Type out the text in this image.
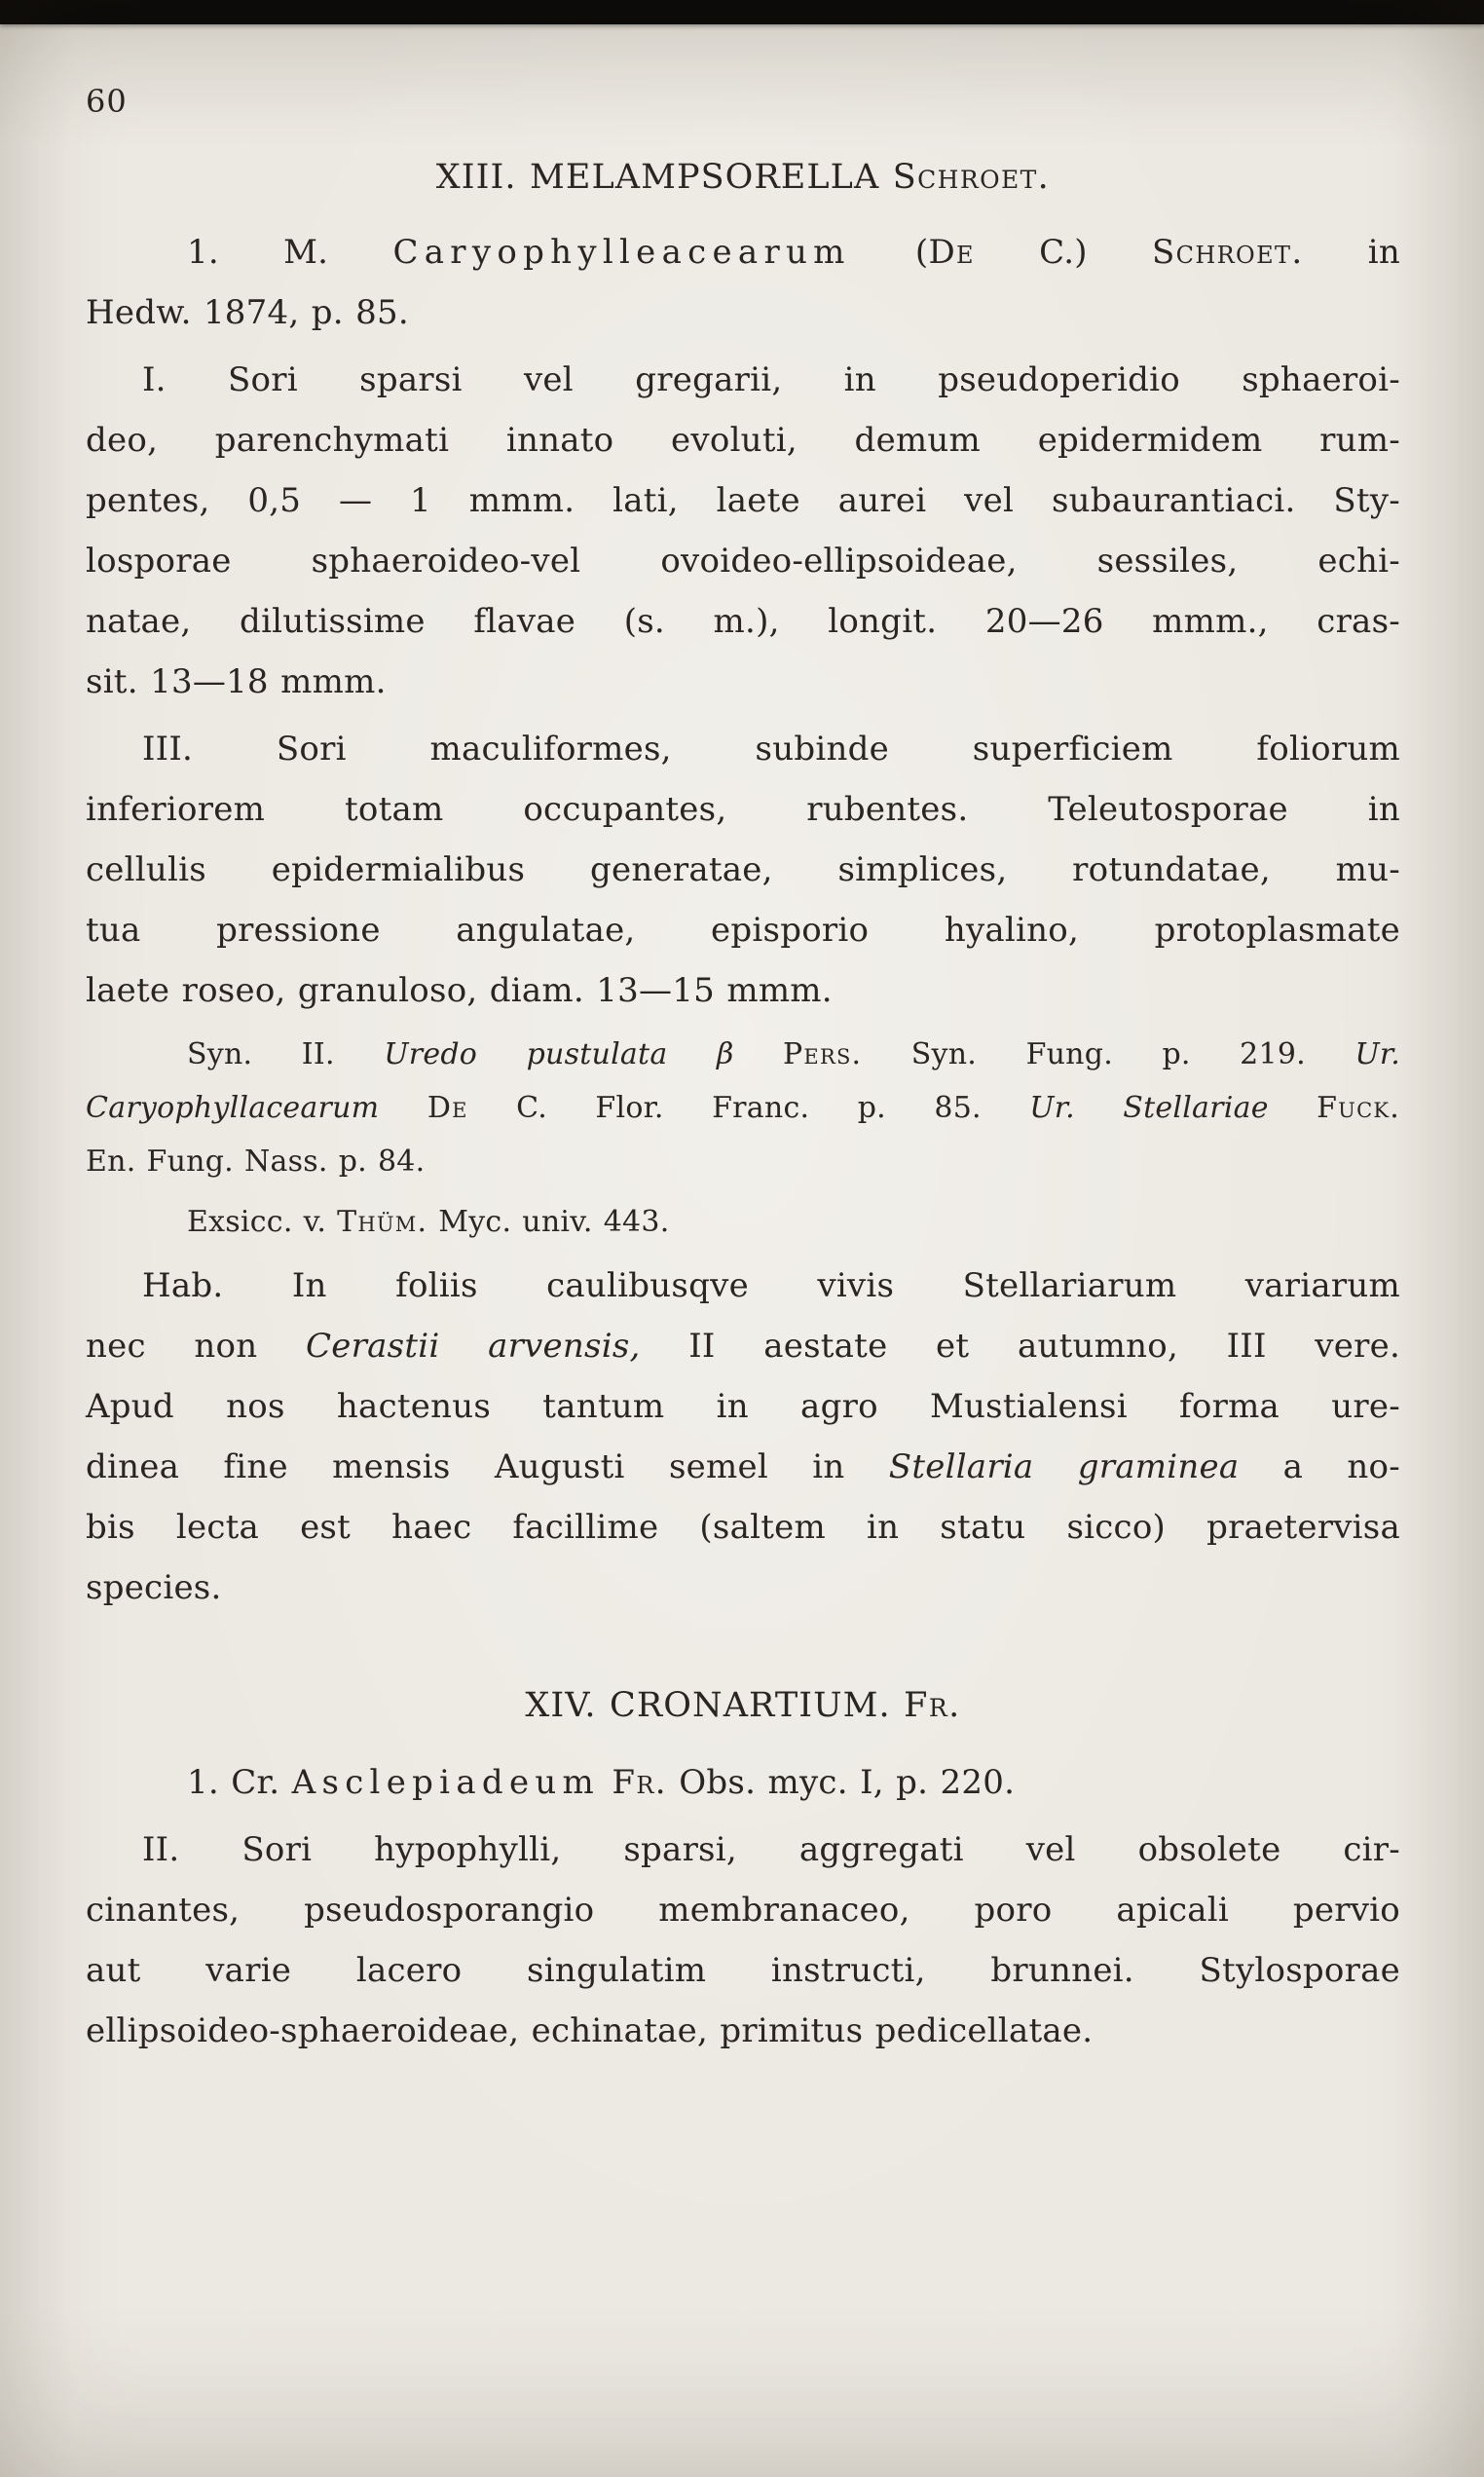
60
XIII. MELAMPSORELLA Schroet.
1. M. Caryophylleacearum (De C.) Schroet. in
Hedw. 1874, p. 85.
I. Sori sparsi vel gregarii, in pseudoperidio sphaeroi-
deo, parenchymati innato evoluti, demum epidermidem rum-
pentes, 0,5 — 1 mmm. lati, laete aurei vel subaurantiaci. Sty-
losporae sphaeroideo-vel ovoideo-ellipsoideae, sessiles, echi-
natae, dilutissime flavae (s. m.), longit. 20—26 mmm., cras-
sit. 13—18 mmm.
III. Sori maculiformes, subinde superficiem foliorum
inferiorem totam occupantes, rubentes. Teleutosporae in
cellulis epidermialibus generatae, simplices, rotundatae, mu-
tua pressione angulatae, episporio hyalino, protoplasmate
laete roseo, granuloso, diam. 13—15 mmm.
Syn. II. Uredo pustulata β Pers. Syn. Fung. p. 219. Ur.
Caryophyllacearum De C. Flor. Franc. p. 85. Ur. Stellariae Fuck.
En. Fung. Nass. p. 84.
Exsicc. v. Thüm. Myc. univ. 443.
Hab. In foliis caulibusqve vivis Stellariarum variarum
nec non Cerastii arvensis, II aestate et autumno, III vere.
Apud nos hactenus tantum in agro Mustialensi forma ure-
dinea fine mensis Augusti semel in Stellaria graminea a no-
bis lecta est haec facillime (saltem in statu sicco) praetervisa
species.
XIV. CRONARTIUM. Fr.
1. Cr. Asclepiadeum Fr. Obs. myc. I, p. 220.
II. Sori hypophylli, sparsi, aggregati vel obsolete cir-
cinantes, pseudosporangio membranaceo, poro apicali pervio
aut varie lacero singulatim instructi, brunnei. Stylosporae
ellipsoideo-sphaeroideae, echinatae, primitus pedicellatae.
